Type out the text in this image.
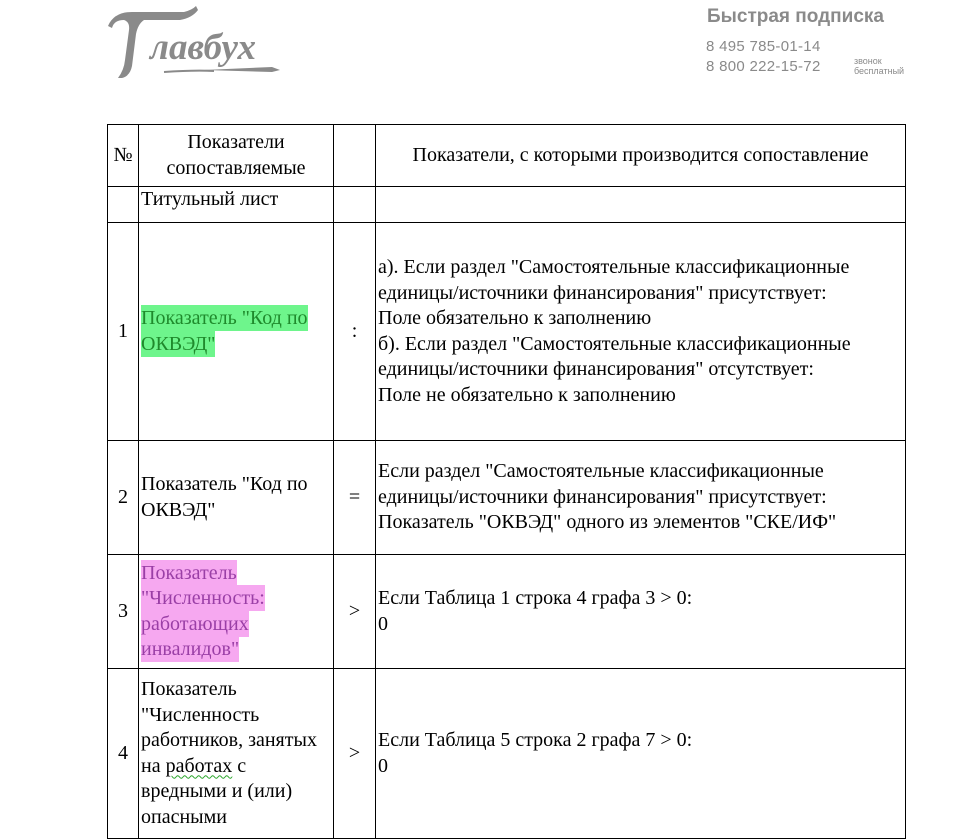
лавбух
Быстрая подписка
8 495 785-01-14
8 800 222-15-72	звонок
бесплатный
№	Показатели сопоставляемые		Показатели, с которыми производится сопоставление
	Титульный лист		
1	Показатель "Код по ОКВЭД"	:	а). Если раздел "Самостоятельные классификационные единицы/источники финансирования" присутствует:
Поле обязательно к заполнению
б). Если раздел "Самостоятельные классификационные единицы/источники финансирования" отсутствует:
Поле не обязательно к заполнению

2	Показатель "Код по ОКВЭД"	=	Если раздел "Самостоятельные классификационные единицы/источники финансирования" присутствует:
Показатель "ОКВЭД" одного из элементов "СКЕ/ИФ"

3	Показатель "Численность: работающих инвалидов"	>	Если Таблица 1 строка 4 графа 3 > 0:
0

4	Показатель "Численность работников, занятых на работах с вредными и (или) опасными	>	Если Таблица 5 строка 2 графа 7 > 0:
0
